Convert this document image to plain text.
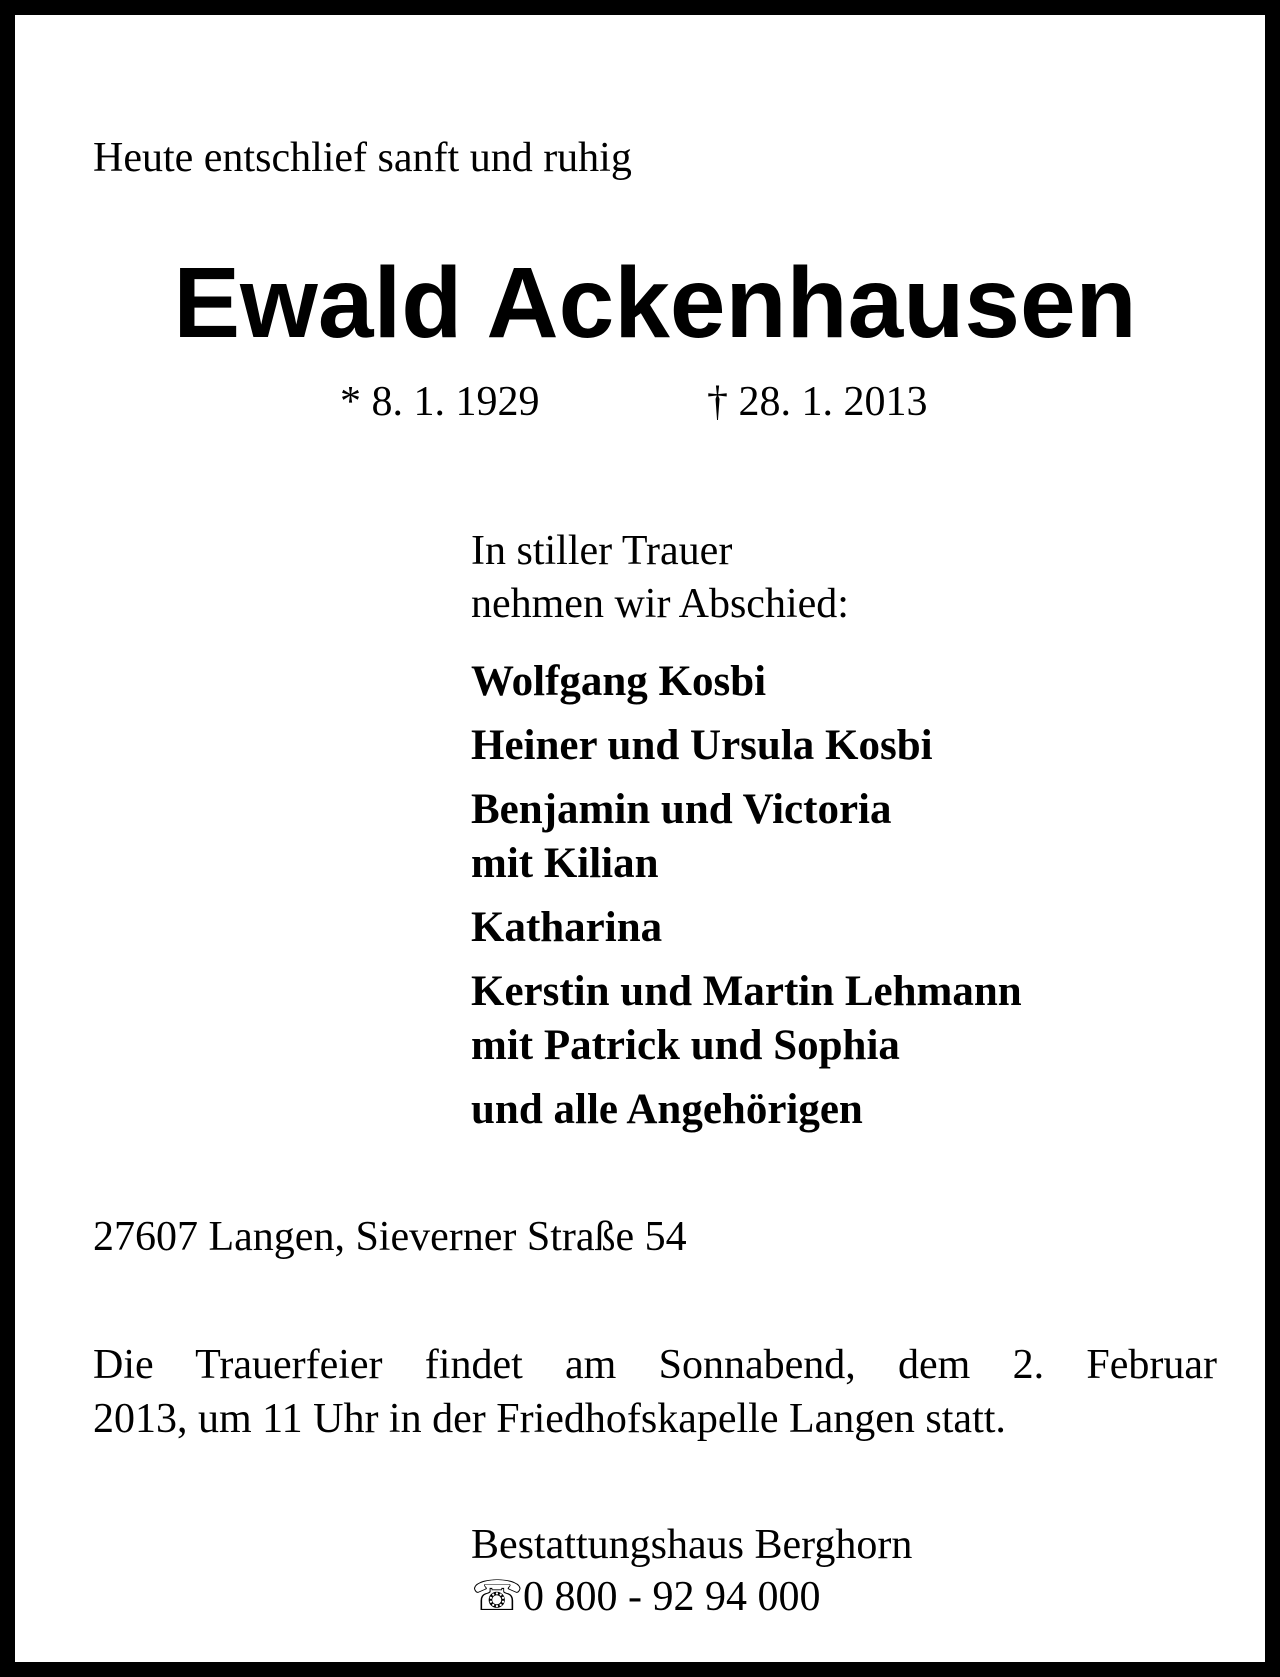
Heute entschlief sanft und ruhig
Ewald Ackenhausen
* 8. 1. 1929	† 28. 1. 2013
In stiller Trauer
nehmen wir Abschied:
Wolfgang Kosbi
Heiner und Ursula Kosbi
Benjamin und Victoria
mit Kilian
Katharina
Kerstin und Martin Lehmann
mit Patrick und Sophia
und alle Angehörigen
27607 Langen, Sieverner Straße 54
Die Trauerfeier findet am Sonnabend, dem 2. Februar
2013, um 11 Uhr in der Friedhofskapelle Langen statt.
Bestattungshaus Berghorn
☏0 800 - 92 94 000
